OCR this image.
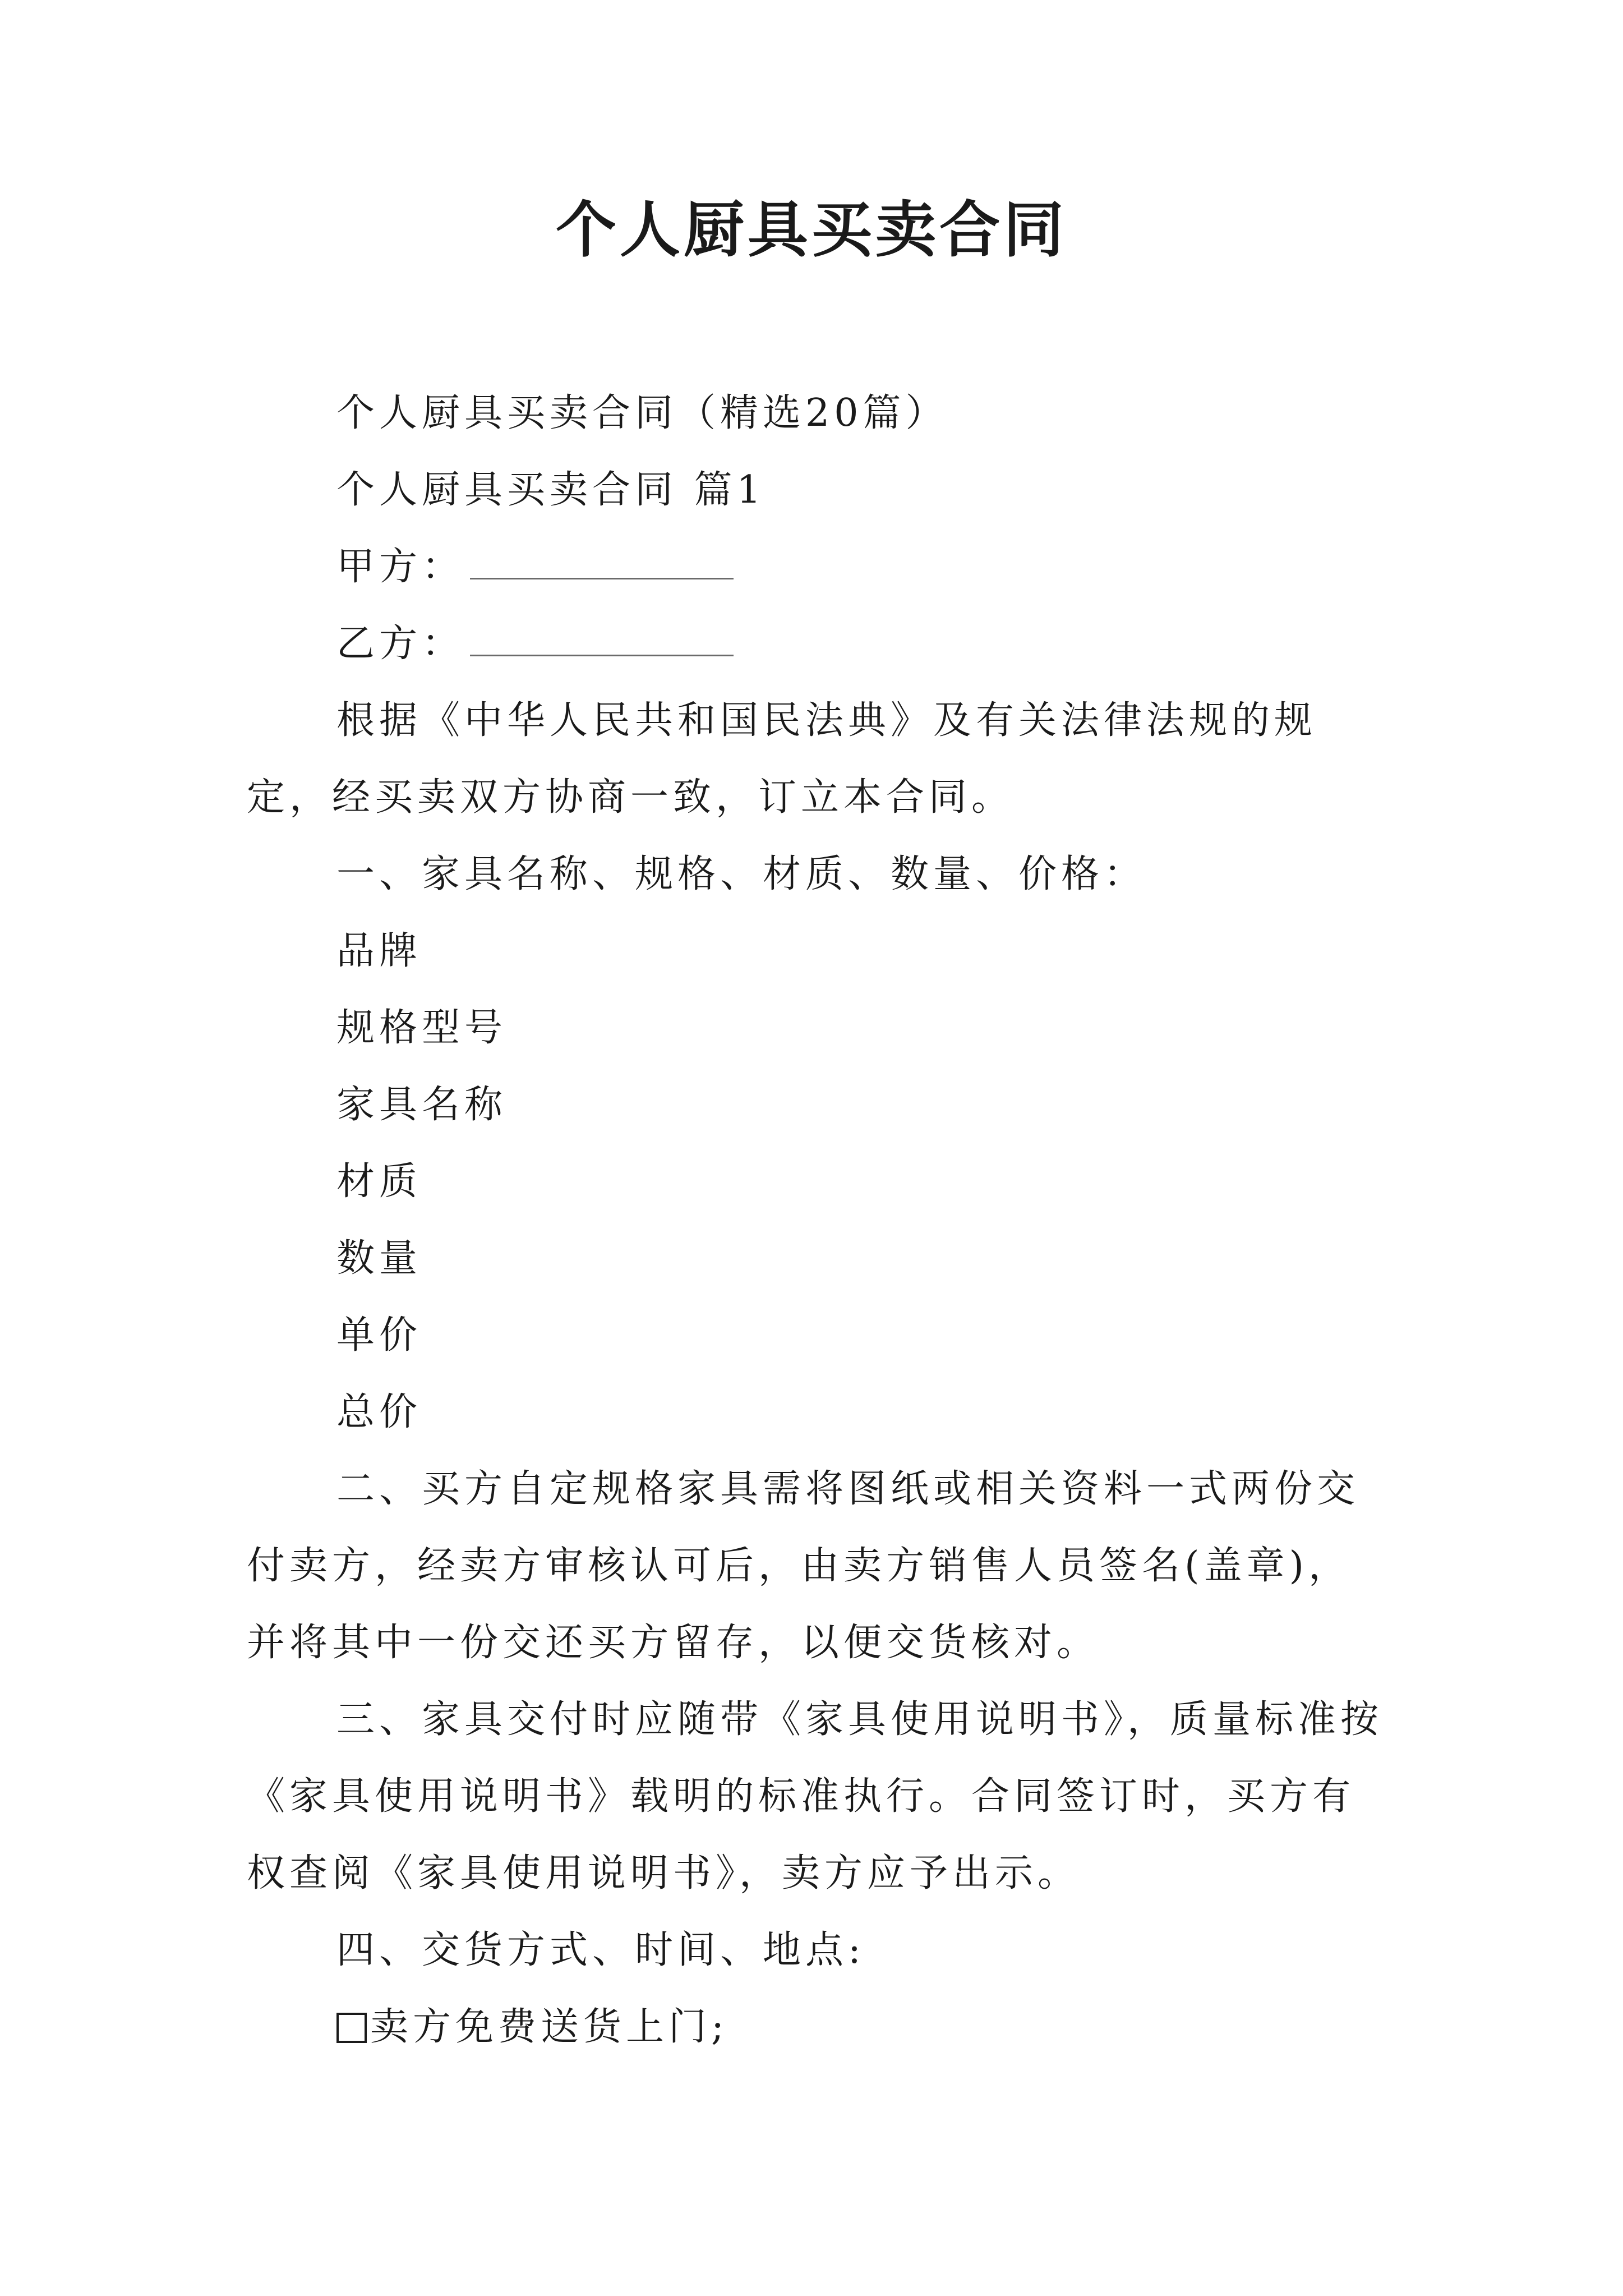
个人厨具买卖合同

个人厨具买卖合同（精选20篇）

个人厨具买卖合同 篇1

甲方：

乙方：

根据《中华人民共和国民法典》及有关法律法规的规定，经买卖双方协商一致，订立本合同。

一、家具名称、规格、材质、数量、价格：

品牌

规格型号

家具名称

材质

数量

单价

总价

二、买方自定规格家具需将图纸或相关资料一式两份交付卖方，经卖方审核认可后，由卖方销售人员签名(盖章)，并将其中一份交还买方留存，以便交货核对。

三、家具交付时应随带《家具使用说明书》，质量标准按《家具使用说明书》载明的标准执行。合同签订时，买方有权查阅《家具使用说明书》，卖方应予出示。

四、交货方式、时间、地点:

卖方免费送货上门;
